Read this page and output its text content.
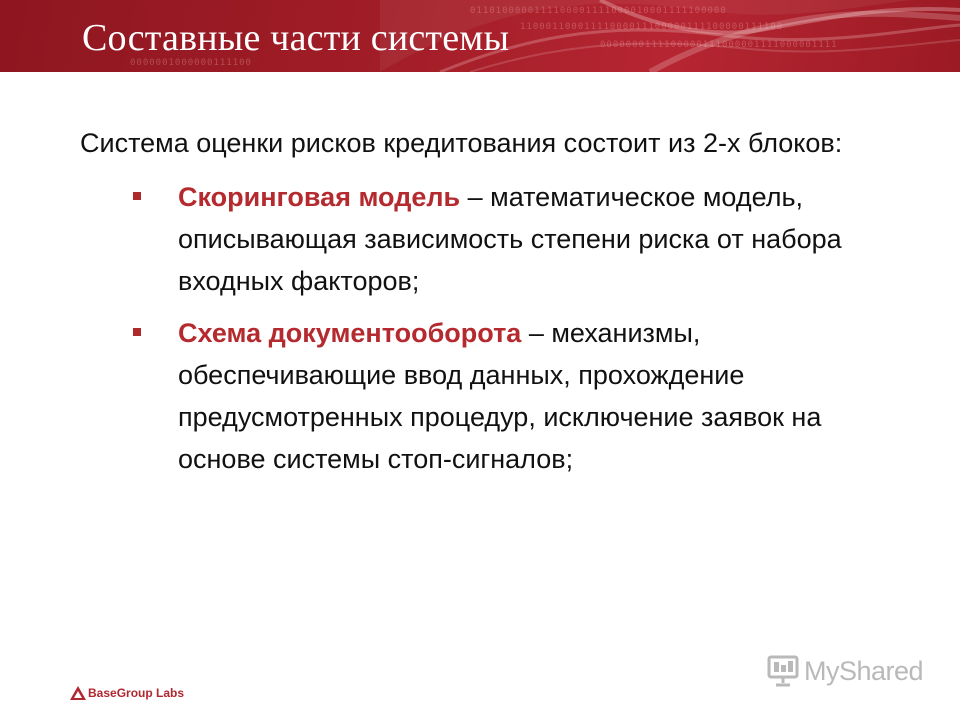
0110100000111100001111000010001111100000
11000110001111000011100000111100000111100
0000000111100000111000001111000001111
0000001000000111100
Составные части системы

Система оценки рисков кредитования состоит из 2-х блоков:

Скоринговая модель – математическое модель, описывающая зависимость степени риска от набора входных факторов;
Схема документооборота – механизмы, обеспечивающие ввод данных, прохождение предусмотренных процедур, исключение заявок на основе системы стоп-сигналов;
BaseGroup Labs
MyShared
